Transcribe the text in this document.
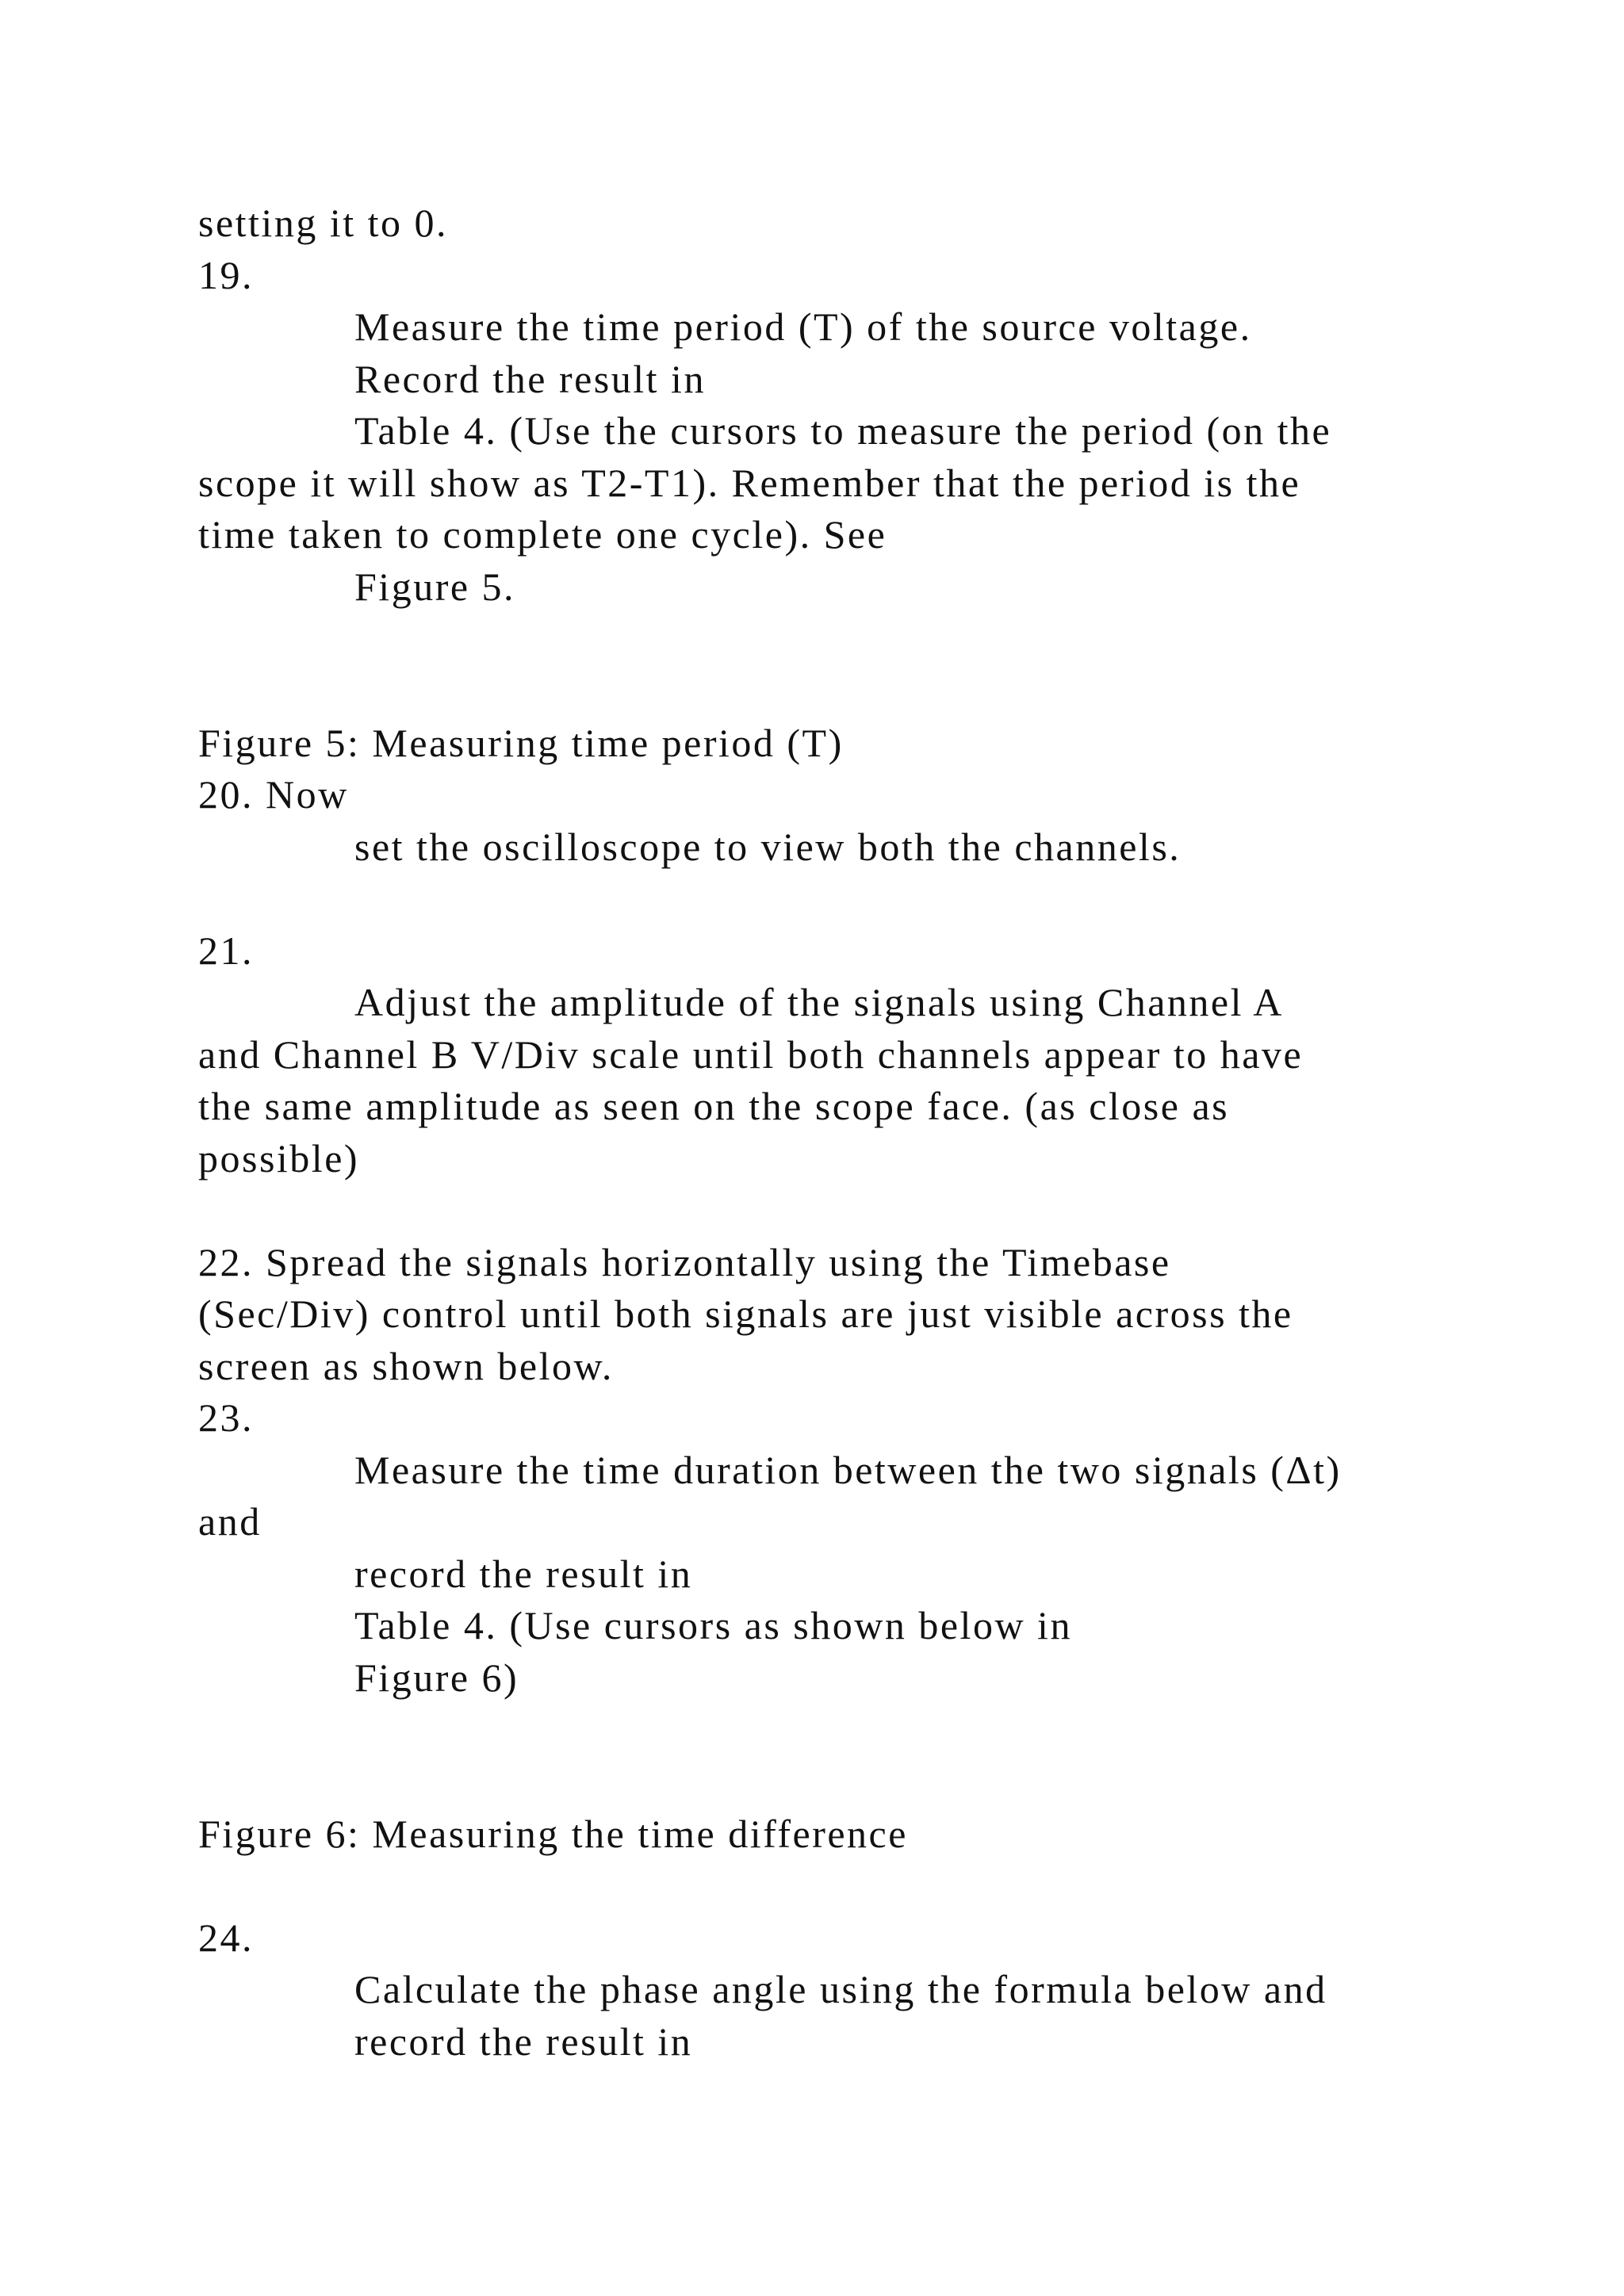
setting it to 0.

19.

Measure the time period (T) of the source voltage.

Record the result in

Table 4. (Use the cursors to measure the period (on the

scope it will show as T2-T1). Remember that the period is the

time taken to complete one cycle). See

Figure 5.

Figure 5: Measuring time period (T)

20. Now

set the oscilloscope to view both the channels.

21.

Adjust the amplitude of the signals using Channel A

and Channel B V/Div scale until both channels appear to have

the same amplitude as seen on the scope face. (as close as

possible)

22. Spread the signals horizontally using the Timebase

(Sec/Div) control until both signals are just visible across the

screen as shown below.

23.

Measure the time duration between the two signals (Δt)

and

record the result in

Table 4. (Use cursors as shown below in

Figure 6)

Figure 6: Measuring the time difference

24.

Calculate the phase angle using the formula below and

record the result in
